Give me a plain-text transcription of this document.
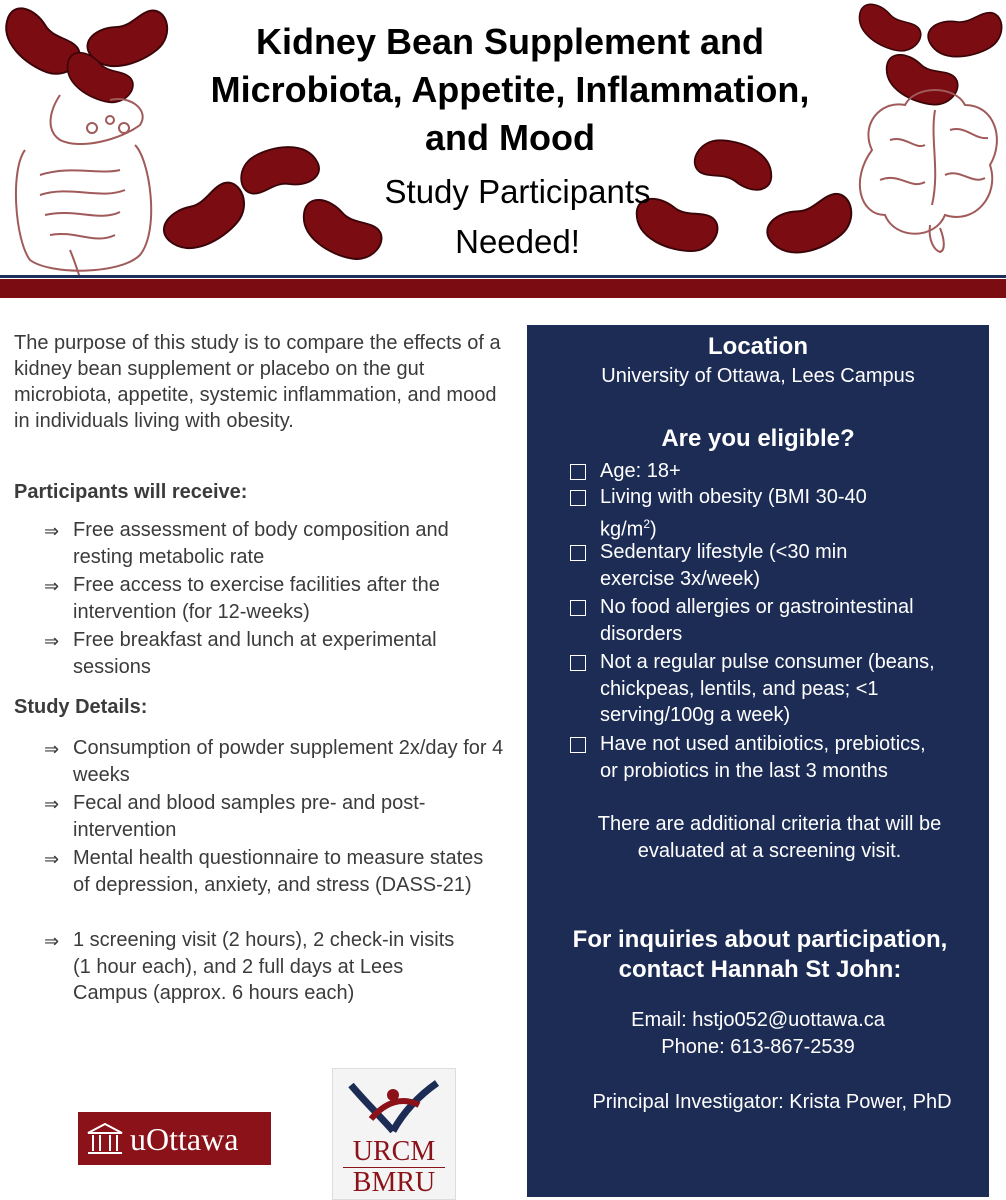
Kidney Bean Supplement and
Microbiota, Appetite, Inflammation,
and Mood
Study Participants
Needed!
The purpose of this study is to compare the effects of a kidney bean supplement or placebo on the gut microbiota, appetite, systemic inflammation, and mood in individuals living with obesity.
Participants will receive:
⇒ Free assessment of body composition and resting metabolic rate
⇒ Free access to exercise facilities after the intervention (for 12-weeks)
⇒ Free breakfast and lunch at experimental sessions
Study Details:
⇒ Consumption of powder supplement 2x/day for 4 weeks
⇒ Fecal and blood samples pre- and post-intervention
⇒ Mental health questionnaire to measure states of depression, anxiety, and stress (DASS-21)
⇒ 1 screening visit (2 hours), 2 check-in visits (1 hour each), and 2 full days at Lees Campus (approx. 6 hours each)
uOttawa	URCM
BMRU
Location
University of Ottawa, Lees Campus
Are you eligible?
Age: 18+
Living with obesity (BMI 30-40
$kg/m^2$)
Sedentary lifestyle (<30 min exercise 3x/week)
No food allergies or gastrointestinal disorders
Not a regular pulse consumer (beans, chickpeas, lentils, and peas; <1 serving/100g a week)
Have not used antibiotics, prebiotics, or probiotics in the last 3 months
There are additional criteria that will be evaluated at a screening visit.
For inquiries about participation, contact Hannah St John:
Email: hstjo052@uottawa.ca
Phone: 613-867-2539
Principal Investigator: Krista Power, PhD
